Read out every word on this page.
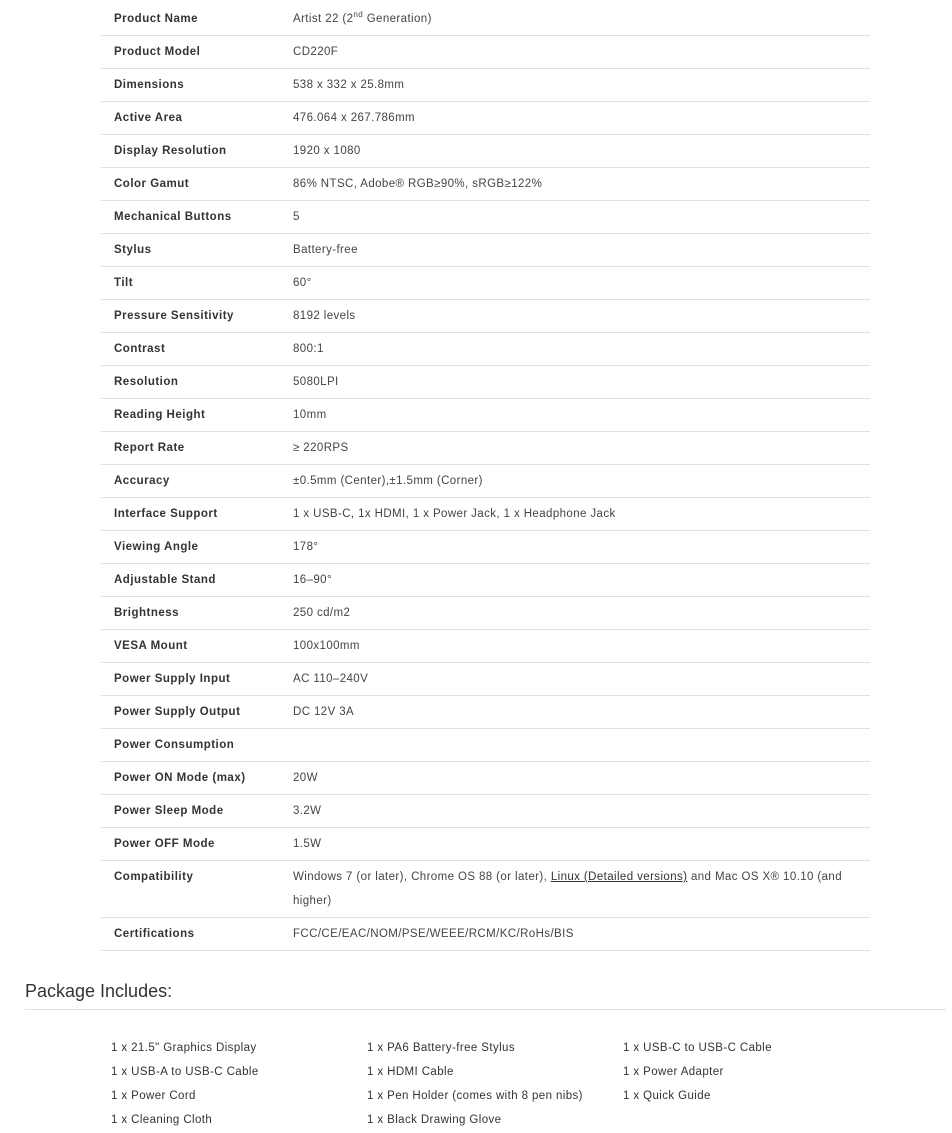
Product Name	Artist 22 (2nd Generation)
Product Model	CD220F
Dimensions	538 x 332 x 25.8mm
Active Area	476.064 x 267.786mm
Display Resolution	1920 x 1080
Color Gamut	86% NTSC, Adobe® RGB≥90%, sRGB≥122%
Mechanical Buttons	5
Stylus	Battery-free
Tilt	60°
Pressure Sensitivity	8192 levels
Contrast	800:1
Resolution	5080LPI
Reading Height	10mm
Report Rate	≥ 220RPS
Accuracy	±0.5mm (Center),±1.5mm (Corner)
Interface Support	1 x USB-C, 1x HDMI, 1 x Power Jack, 1 x Headphone Jack
Viewing Angle	178°
Adjustable Stand	16–90°
Brightness	250 cd/m2
VESA Mount	100x100mm
Power Supply Input	AC 110–240V
Power Supply Output	DC 12V 3A
Power Consumption
Power ON Mode (max)	20W
Power Sleep Mode	3.2W
Power OFF Mode	1.5W
Compatibility	Windows 7 (or later), Chrome OS 88 (or later), Linux (Detailed versions) and Mac OS X® 10.10 (and higher)
Certifications	FCC/CE/EAC/NOM/PSE/WEEE/RCM/KC/RoHs/BIS
Package Includes:
1 x 21.5" Graphics Display	1 x PA6 Battery-free Stylus	1 x USB-C to USB-C Cable
1 x USB-A to USB-C Cable	1 x HDMI Cable	1 x Power Adapter
1 x Power Cord	1 x Pen Holder (comes with 8 pen nibs)	1 x Quick Guide
1 x Cleaning Cloth	1 x Black Drawing Glove
